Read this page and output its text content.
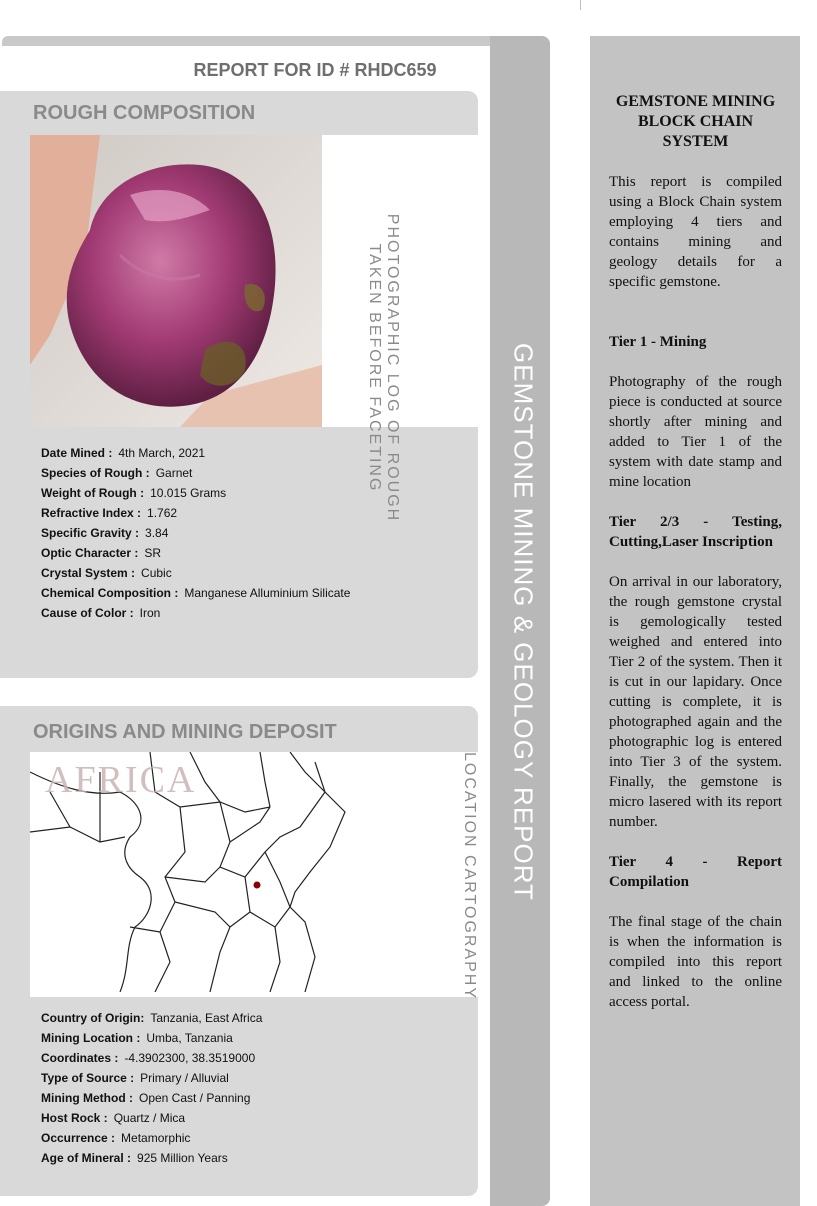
REPORT FOR ID # RHDC659
GEMSTONE MINING & GEOLOGY REPORT
ROUGH COMPOSITION
PHOTOGRAPHIC LOG OF ROUGH
TAKEN BEFORE FACETING
Date Mined : 4th March, 2021
Species of Rough : Garnet
Weight of Rough : 10.015 Grams
Refractive Index : 1.762
Specific Gravity : 3.84
Optic Character : SR
Crystal System : Cubic
Chemical Composition : Manganese Alluminium Silicate
Cause of Color : Iron
ORIGINS AND MINING DEPOSIT
AFRICA	LOCATION CARTOGRAPHY
Country of Origin: Tanzania, East Africa
Mining Location : Umba, Tanzania
Coordinates : -4.3902300, 38.3519000
Type of Source : Primary / Alluvial
Mining Method : Open Cast / Panning
Host Rock : Quartz / Mica
Occurrence : Metamorphic
Age of Mineral : 925 Million Years

GEMSTONE MINING BLOCK CHAIN SYSTEM

This report is compiled using a Block Chain system employing 4 tiers and contains mining and geology details for a specific gemstone.

Tier 1 - Mining

Photography of the rough piece is conducted at source shortly after mining and added to Tier 1 of the system with date stamp and mine location

Tier 2/3 - Testing, Cutting,Laser Inscription

On arrival in our laboratory, the rough gemstone crystal is gemologically tested weighed and entered into Tier 2 of the system. Then it is cut in our lapidary. Once cutting is complete, it is photographed again and the photographic log is entered into Tier 3 of the system. Finally, the gemstone is micro lasered with its report number.

Tier 4 - Report Compilation

The final stage of the chain is when the information is compiled into this report and linked to the online access portal.
